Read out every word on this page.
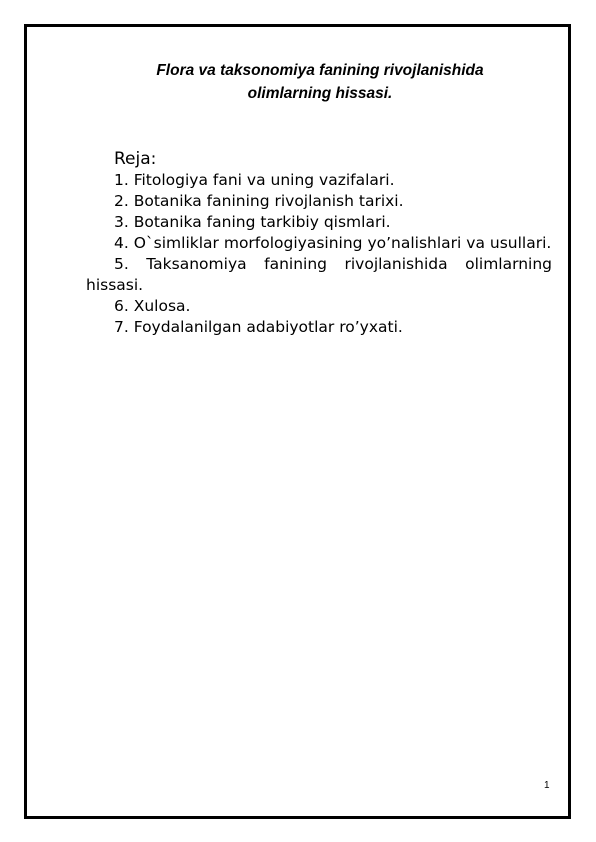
Flora va taksonomiya fanining rivojlanishida
olimlarning hissasi.
Reja:
1. Fitologiya fani va uning vazifalari.
2. Botanika fanining rivojlanish tarixi.
3. Botanika faning tarkibiy qismlari.
4. O`simliklar morfologiyasining yo’nalishlari va usullari.
5. Taksanomiya fanining rivojlanishida olimlarning hissasi.
6. Xulosa.
7. Foydalanilgan adabiyotlar ro’yxati.
1
